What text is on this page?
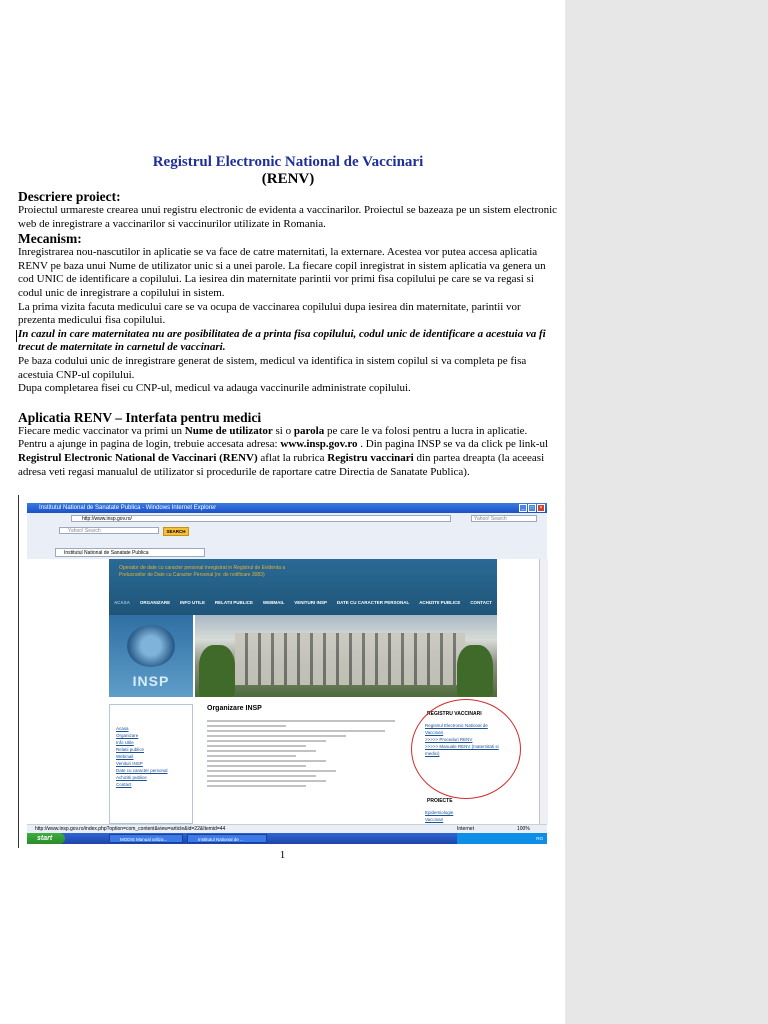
Registrul Electronic National de Vaccinari

(RENV)

Descriere proiect:

Proiectul urmareste crearea unui registru electronic de evidenta a vaccinarilor. Proiectul se bazeaza pe un sistem electronic web de inregistrare a vaccinarilor si vaccinurilor utilizate in Romania.

Mecanism:

Inregistrarea nou-nascutilor in aplicatie se va face de catre maternitati, la externare. Acestea vor putea accesa aplicatia RENV pe baza unui Nume de utilizator unic si a unei parole. La fiecare copil inregistrat in sistem aplicatia va genera un cod UNIC de identificare a copilului. La iesirea din maternitate parintii vor primi fisa copilului pe care se va regasi si codul unic de inregistrare a copilului in sistem.

La prima vizita facuta medicului care se va ocupa de vaccinarea copilului dupa iesirea din maternitate, parintii vor prezenta medicului fisa copilului.

In cazul in care maternitatea nu are posibilitatea de a printa fisa copilului, codul unic de identificare a acestuia va fi trecut de maternitate in carnetul de vaccinari.

Pe baza codului unic de inregistrare generat de sistem, medicul va identifica in sistem copilul si va completa pe fisa acestuia CNP-ul copilului.

Dupa completarea fisei cu CNP-ul, medicul va adauga vaccinurile administrate copilului.

Aplicatia RENV – Interfata pentru medici

Fiecare medic vaccinator va primi un Nume de utilizator si o parola pe care le va folosi pentru a lucra in aplicatie. Pentru a ajunge in pagina de login, trebuie accesata adresa: www.insp.gov.ro . Din pagina INSP se va da click pe link-ul Registrul Electronic National de Vaccinari (RENV) aflat la rubrica Registru vaccinari din partea dreapta (la aceeasi adresa veti regasi manualul de utilizator si procedurile de raportare catre Directia de Sanatate Publica).

Institutul National de Sanatate Publica - Windows Internet Explorer	_	□	×
http://www.insp.gov.ro/	Yahoo! Search
Yahoo! Search	SEARCH
Institutul National de Sanatate Publica
Operator de date cu caracter personal inregistrat in Registrul de Evidenta a
Prelucrarilor de Date cu Caracter Personal (nr. de notificare 3083)
ACASA ORGANIZARE INFO UTILE RELATII PUBLICE WEBMAIL VENITURI INSP DATE CU CARACTER PERSONAL ACHIZITII PUBLICE CONTACT
INSP
Acasa
Organizare
Info Utile
Relatii publice
Webmail
Venituri INSP
Date cu caracter personal
Achizitii publice
Contact
Organizare INSP
REGISTRU VACCINARI
Registrul Electronic National de Vaccinari
>>>>> Proceduri RENV
>>>>> Manuale RENV (maternitati si medici)
PROIECTE
Epidemiologie
Vaccinari
http://www.insp.gov.ro/index.php?option=com_content&view=article&id=22&Itemid=44	Internet	100%
start	MODIS Manual utiliza...	Institutul National de ...	RO
1
